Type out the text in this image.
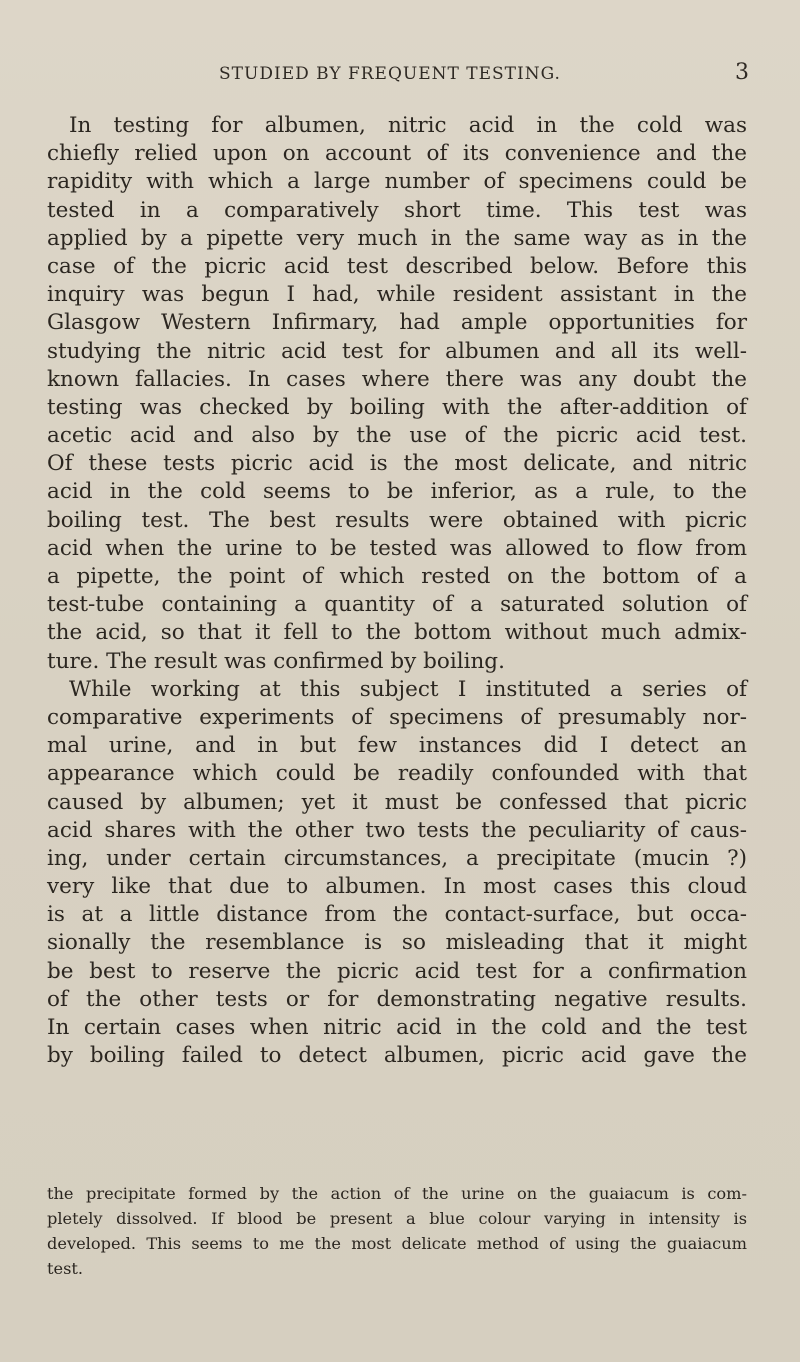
STUDIED BY FREQUENT TESTING.	3
In testing for albumen, nitric acid in the cold was
chiefly relied upon on account of its convenience and the
rapidity with which a large number of specimens could be
tested in a comparatively short time. This test was
applied by a pipette very much in the same way as in the
case of the picric acid test described below. Before this
inquiry was begun I had, while resident assistant in the
Glasgow Western Infirmary, had ample opportunities for
studying the nitric acid test for albumen and all its well-
known fallacies. In cases where there was any doubt the
testing was checked by boiling with the after-addition of
acetic acid and also by the use of the picric acid test.
Of these tests picric acid is the most delicate, and nitric
acid in the cold seems to be inferior, as a rule, to the
boiling test. The best results were obtained with picric
acid when the urine to be tested was allowed to flow from
a pipette, the point of which rested on the bottom of a
test-tube containing a quantity of a saturated solution of
the acid, so that it fell to the bottom without much admix-
ture. The result was confirmed by boiling.
While working at this subject I instituted a series of
comparative experiments of specimens of presumably nor-
mal urine, and in but few instances did I detect an
appearance which could be readily confounded with that
caused by albumen; yet it must be confessed that picric
acid shares with the other two tests the peculiarity of caus-
ing, under certain circumstances, a precipitate (mucin ?)
very like that due to albumen. In most cases this cloud
is at a little distance from the contact-surface, but occa-
sionally the resemblance is so misleading that it might
be best to reserve the picric acid test for a confirmation
of the other tests or for demonstrating negative results.
In certain cases when nitric acid in the cold and the test
by boiling failed to detect albumen, picric acid gave the
the precipitate formed by the action of the urine on the guaiacum is com-
pletely dissolved. If blood be present a blue colour varying in intensity is
developed. This seems to me the most delicate method of using the guaiacum
test.
